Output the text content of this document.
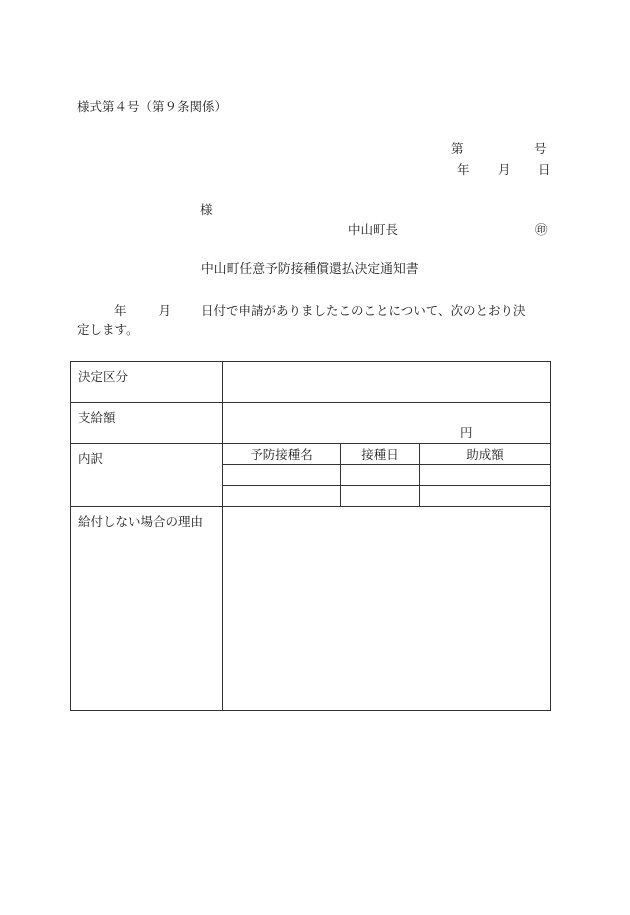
様式第４号（第９条関係）
第	号
年 月 日
様
中山町長	㊞
中山町任意予防接種償還払決定通知書
年	月 日付で申請がありましたこのことについて、次のとおり決
定します。
決定区分			
支給額	円		

内訳	予防接種名	接種日	助成額

給付しない場合の理由			
